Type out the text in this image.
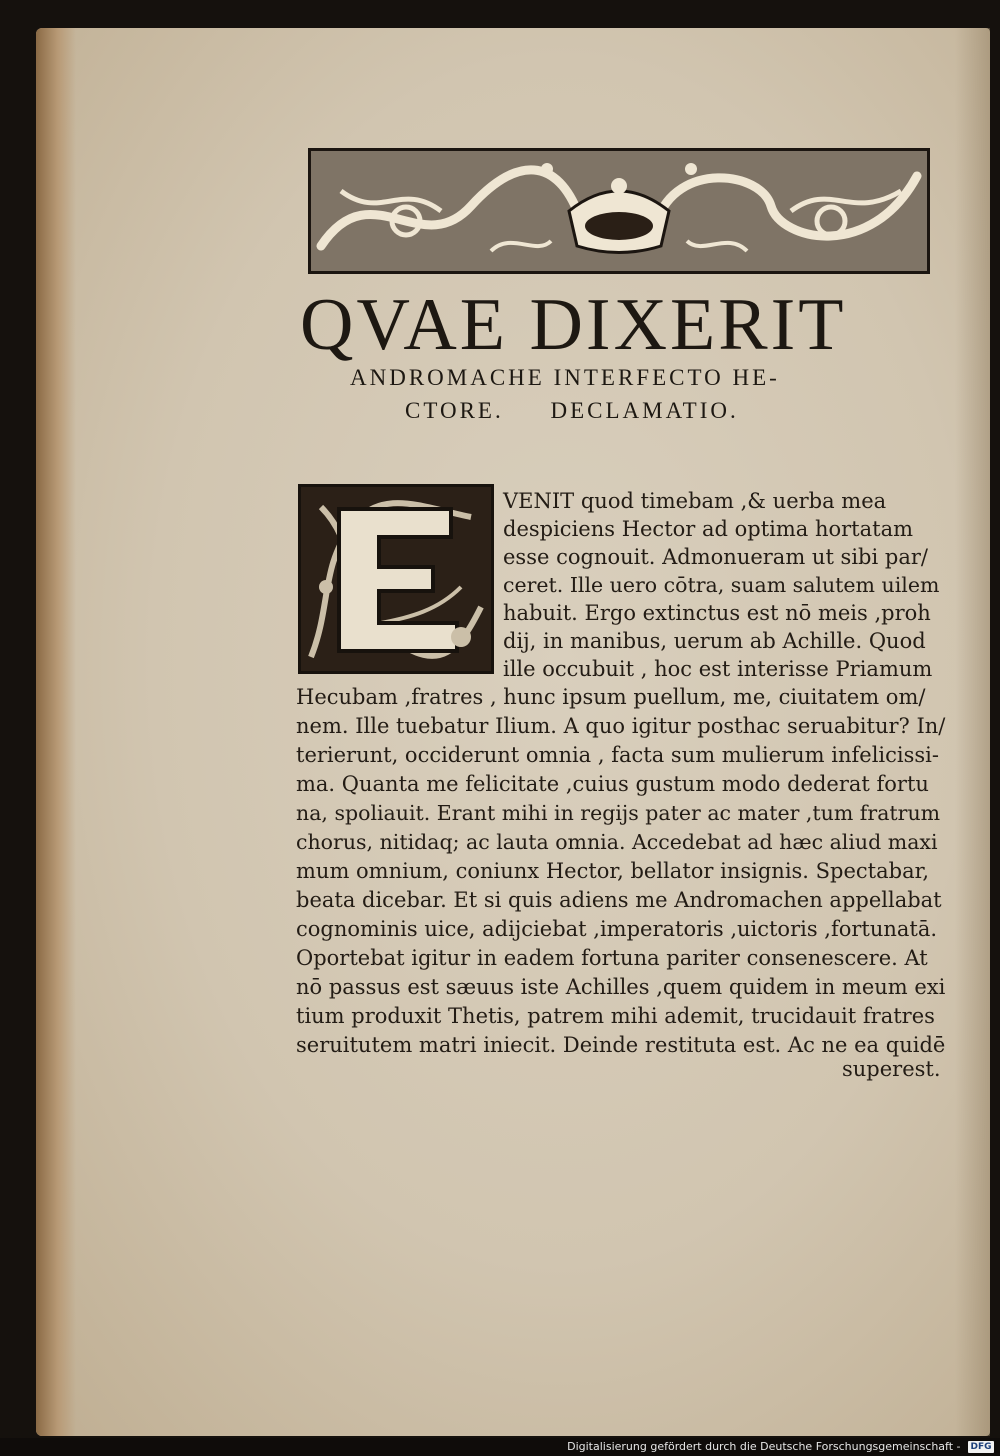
QVAE DIXERIT
ANDROMACHE INTERFECTO HE-
CTORE. DECLAMATIO.
VENIT quod timebam ,& uerba mea
despiciens Hector ad optima hortatam
esse cognouit. Admonueram ut sibi par/
ceret. Ille uero cōtra, suam salutem uilem
habuit. Ergo extinctus est nō meis ,proh
dij, in manibus, uerum ab Achille. Quod
ille occubuit , hoc est interisse Priamum
Hecubam ,fratres , hunc ipsum puellum, me, ciuitatem om/
nem. Ille tuebatur Ilium. A quo igitur posthac seruabitur? In/
terierunt, occiderunt omnia , facta sum mulierum infelicissi-
ma. Quanta me felicitate ,cuius gustum modo dederat fortu
na, spoliauit. Erant mihi in regijs pater ac mater ,tum fratrum
chorus, nitidaq; ac lauta omnia. Accedebat ad hæc aliud maxi
mum omnium, coniunx Hector, bellator insignis. Spectabar,
beata dicebar. Et si quis adiens me Andromachen appellabat
cognominis uice, adijciebat ,imperatoris ,uictoris ,fortunatā.
Oportebat igitur in eadem fortuna pariter consenescere. At
nō passus est sæuus iste Achilles ,quem quidem in meum exi
tium produxit Thetis, patrem mihi ademit, trucidauit fratres
seruitutem matri iniecit. Deinde restituta est. Ac ne ea quidē
superest.
Digitalisierung gefördert durch die Deutsche Forschungsgemeinschaft - DFG
